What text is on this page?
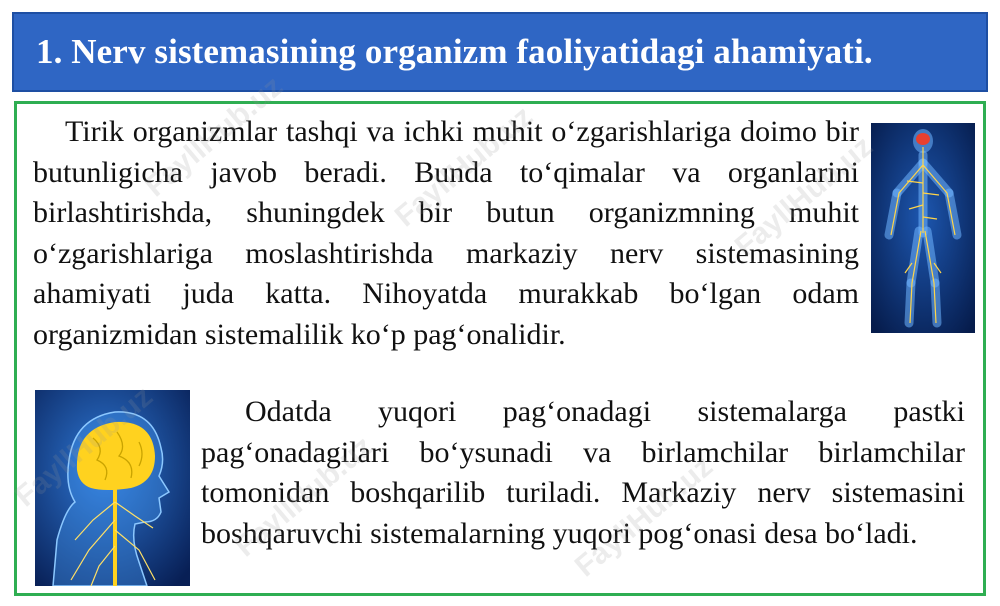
1. Nerv sistemasining organizm faoliyatidagi ahamiyati.

Tirik organizmlar tashqi va ichki muhit o‘zgarishlariga doimo bir butunligicha javob beradi. Bunda to‘qimalar va organlarini birlashtirishda, shuningdek bir butun organizmning muhit o‘zgarishlariga moslashtirishda markaziy nerv sistemasining ahamiyati juda katta. Nihoyatda murakkab bo‘lgan odam organizmidan sistemalilik ko‘p pag‘onalidir.

Odatda yuqori pag‘onadagi sistemalarga pastki pag‘onadagilari bo‘ysunadi va birlamchilar birlamchilar tomonidan boshqarilib turiladi. Markaziy nerv sistemasini boshqaruvchi sistemalarning yuqori pog‘onasi desa bo‘ladi.
